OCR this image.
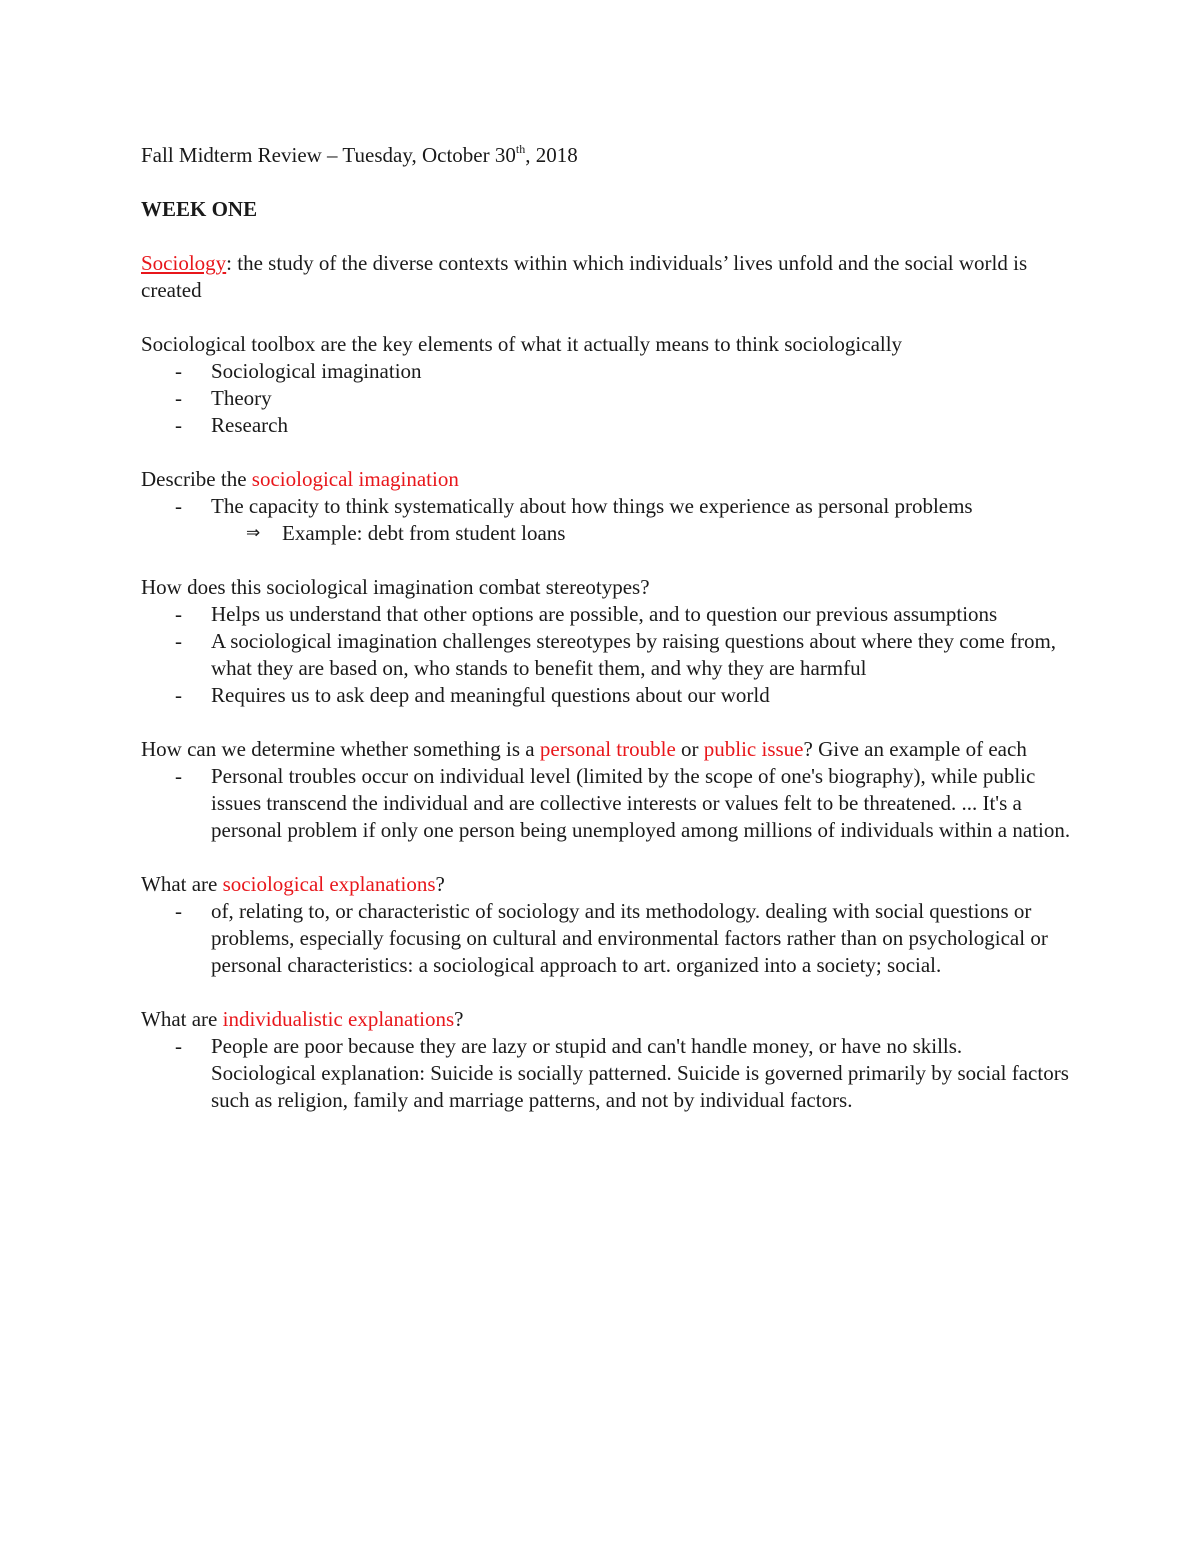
Fall Midterm Review – Tuesday, October 30th, 2018

WEEK ONE

Sociology: the study of the diverse contexts within which individuals’ lives unfold and the social world is created

Sociological toolbox are the key elements of what it actually means to think sociologically

- Sociological imagination
- Theory
- Research

Describe the sociological imagination

- The capacity to think systematically about how things we experience as personal problems
⇒ Example: debt from student loans

How does this sociological imagination combat stereotypes?

- Helps us understand that other options are possible, and to question our previous assumptions
- A sociological imagination challenges stereotypes by raising questions about where they come from, what they are based on, who stands to benefit them, and why they are harmful
- Requires us to ask deep and meaningful questions about our world

How can we determine whether something is a personal trouble or public issue? Give an example of each

- Personal troubles occur on individual level (limited by the scope of one's biography), while public issues transcend the individual and are collective interests or values felt to be threatened. ... It's a personal problem if only one person being unemployed among millions of individuals within a nation.

What are sociological explanations?

- of, relating to, or characteristic of sociology and its methodology. dealing with social questions or problems, especially focusing on cultural and environmental factors rather than on psychological or personal characteristics: a sociological approach to art. organized into a society; social.

What are individualistic explanations?

- People are poor because they are lazy or stupid and can't handle money, or have no skills. Sociological explanation: Suicide is socially patterned. Suicide is governed primarily by social factors such as religion, family and marriage patterns, and not by individual factors.
